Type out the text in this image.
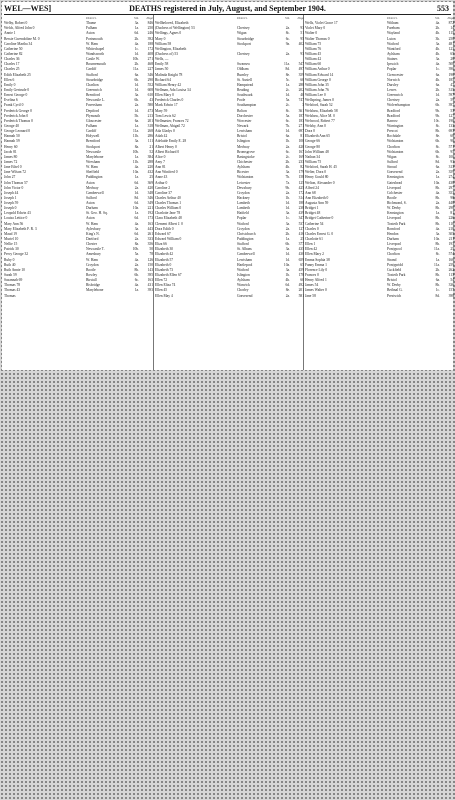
WEL—WES]	DEATHS registered in July, August, and September 1904.	553
District.	Vol.	Page
Welby, Robert 0	Thame	3a.	846
Welch, Alfred John 0	Fulham	1a.	250
Annie 1	Aston	6d.	246
Bessie Gwendoline M. 0	Portsmouth	2b.	392
Caroline Martha 34	W. Ham	4a.	188
Catherine 50	Whitechapel	1c.	172
Catherine 82	Wandsworth	1d.	408
Charles 36	Castle W.	10b.	271
Charles 17	Bournemouth	2b.	468
Charles 25	Cardiff	11a.	227
Edith Elizabeth 25	Stafford	6a.	346
Ellen 6	Stourbridge	6b.	290
Emily 0	Charlton	1d.	552
Emily Gertrude 0	Greenwich	1d.	608
Ernest George 0	Brentford	3a.	610
Evelina 6	Newcastle L.	6b.	43
Frank Cyril 0	Faversham	2a.	580
Frederick George 0	Deptford	1d.	473
Frederick John 0	Plymouth	5b.	213
Frederick Thomas 0	Gloucester	6a.	201
George 40	Fulham	1a.	318
George Leonard 0	Cardiff	11a.	268
Hannah 50	Holywell	11b.	286
Hannah 59	Brentford	3a.	111
Henry 60	Stockport	8a.	21
Jacob 81	Newcastle	10b.	52
James 80	Marylebone	1a.	384
James 72	Wrexham	11b.	288
Jane Ethel 0	W. Ham	4a.	220
Jane Wilson 72	Sheffield	10a.	432
John 27	Paddington	1a.	25
John Thomas 57	Aston	6d.	369
John Victor 0	Medway	2a.	420
Joseph 44	Camberwell	1d.	348
Joseph 1	Salford	8d.	346
Joseph 59	Aston	6d.	349
Joseph 0	Durham	10a.	221
Leopold Edwin 43	St. Geo. H. Sq.	1a.	192
Louisa Lettice 0	Aston	6d.	173
Mary Ann 56	W. Ham	4a.	163
Mary Elizabeth F. R. 3	Aylesbury	3a.	443
Maud 19	King's N.	6d.	261
Muriel 10	Dartford	2a.	333
Nellie 15	Chester	8a.	356
Patrick 30	Newcastle T.	10b.	50
Percy George 32	Amesbury	5a.	78
Ruby 0	W. Ham	4a.	126
Ruth 40	Croydon	2a.	150
Ruth Annie 10	Bootle	8b.	143
Sarah 59	Rowley	6b.	395
Susannah 69	Birstall	6c.	163
Thomas 78	Risbridge	4a.	431
Thomas 43	Marylebone	1a.	393
Thomas
District.	Vol.	Page
Wellbeloved, Elizabeth
(Duchess of Wellington) 53	Chertsey	2a.	93
Wellings, Agnes 0	Wigan	8c.	51
Mary 0	Stourbridge	6c.	95
William 58	Stockport	9a.	402
Wellington, Elizabeth
(Duchess of) 53	Chertsey	2a.	93
Wells, —
Emily 58	Swansea	11a.	547
James 50	Oldham	8d.	497
Malinda Knight 78	Burnley	8e.	359
Richard 64	St. Austell	5c.	60
William Henry 42	Hampstead	1a.	288
Wellman, Ada Louisa 34	Reading	2c.	202
Ellen Mary 0	Southwark	1d.	40
Frederick Charles 0	Poole	5a.	747
Mark Edwin 17	Southampton	2c.	3
Mary 59	Bolton	8c.	361
Tom Lewis 62	Dorchester	5a.	187
Wellmaster, Frances 72	Worcester	6c.	183
Wellman, Abigail 72	Newark	7b.	271
Ada Gladys 0	Lewisham	1d.	697
Adah 42	Bristol	6a.	81
Adelaide Emily E. 28	Islington	1b.	100
Albert Henry 0	Medway	2a.	420
Albert Richard 0	Bromsgrove	6c.	167
Alice 0	Basingstoke	2c.	169
Amy 7	Chichester	2b.	233
Ann 81	Aylsham	4b.	82
Ann Winifred 0	Bicester	3a.	179
Anne 43	Wolstanton	7b.	158
Arthur 0	Leicester	7a.	125
Caroline 2	Dewsbury	9b.	425
Caroline 37	Croydon	2a.	172
Charles Arthur 40	Hackney	1b.	314
Charles Thomas 1	Lambeth	1d.	188
Charles William 0	Lambeth	1d.	238
Charlotte Jane 78	Hatfield	3a.	439
Clara Elizabeth 48	Poplar	1c.	347
Clement Albert J. 0	Watford	3a.	537
Dora Edith 0	Croydon	2a.	127
Edward 67	Christchurch	2b.	416
Edward William 0	Paddington	1a.	25
Eliza 66	Stafford	6b.	377
Elizabeth 30	St. Albans	3a.	435
Elizabeth 42	Camberwell	1d.	430
Elizabeth 57	Lewisham	1d.	659
Elizabeth 0	Hartlepool	10a.	65
Elizabeth 73	Watford	3a.	459
Elizabeth Ellen 67	Islington	1b.	178
Ellen 72	Aylsham	4b.	60
Ellen Eliza 74	Warwick	6d.	492
Ellen 45	Chorley	8e.	201
Ellen May 4	Gravesend	2a.	581
District.	Vol.	Page
Wells, Violet Grace 17	Witham	4a.	872
Violet Mary 0	Fareham	2b.	14
Walter 0	Wayland	4b.	115
Walter Thomas 0	Luton	3b.	250
William 75	Watford	3a.	481
William 76	Wantford	4b.	123
William 45	Aylsham	4b.	65
William 42	Staines	3a.	26
William 60	Ipswich	4a.	508
William Arthur 0	Poplar	1c.	390
William Edward 14	Cirencester	6a.	196
William George 0	Norwich	4b.	185
William John 35	Dursley	6a.	47
William John 76	Lewes	2b.	315
William Lee 0	Greenwich	1d.	597
Wellspring, James 0	Chertsey	2a.	59
Welsford, Sarah 52	Wolverhampton	6b.	397
Welshaw, Elizabeth 58	Bradford	9b.	53
Welshaw, Alice M. 0	Bradford	9b.	127
Welwood, Robert 77	Barrow	10c.	198
Welsby, Ann 0	Warrington	8c.	133
Dora 0	Prescot	8b.	693
Elizabeth Ann 65	Rochdale	8e.	68
George 66	Wolstanton	6b.	98
George 80	Chorlton	8c.	571
John William 48	Wolstanton	6b.	95
Nathan 34	Wigan	8c.	100
William 75	Salford	8d.	93
Welsford, Sarah H. 45	Stroud	6a.	313
Welter, Dora 0	Gravesend	2a.	359
Henry Gould 80	Kensington	1a.	274
Welton, Alexander 0	Gateshead	10a.	438
Alfred 24	Liverpool	8b.	297
Ann 68	Colchester	4a.	353
Ann Elizabeth 0	Bootle	8b.	98
Augusta Ann 59	Richmond, S.	2a.	448
Bridget 1	W. Derby	8b.	298
Bridget 48	Kensington	1a.	81
Bridget Catherine 0	Liverpool	8b.	226
Catherine 54	Toxteth Park	8b.	110
Charles 0	Romford	4a.	218
Charles Ernest G. 0	Hendon	3a.	305
Charlotte 61	Durham	10a.	211
Ellen 1	Liverpool	8b.	193
Ellen 42	Pontypool	11a.	25
Ellen Mary 2	Chorlton	8c.	574
Emma Sophia 38	Strand	1a.	166
Fanny Emma 1	Pontypridd	11a.	259
Florence Lily 0	Cuckfield	2b.	262
Frances 0	Toxteth Park	8b.	113
Henry Alfred 1	Bristol	6a.	54
James 54	W. Derby	8b.	336
James Walter 0	Bethnal G.	1c.	157
Jane 58	Prestwich	8d.	398
